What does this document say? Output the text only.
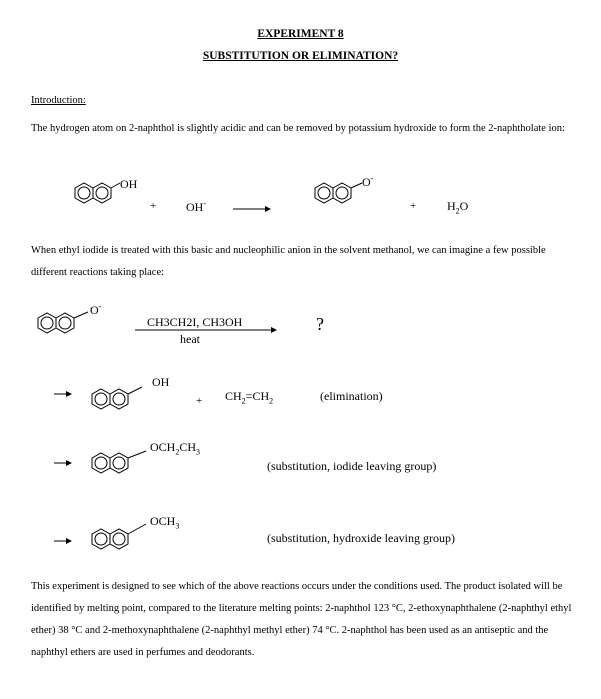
EXPERIMENT 8
SUBSTITUTION OR ELIMINATION?
Introduction:
The hydrogen atom on 2-naphthol is slightly acidic and can be removed by potassium hydroxide to form the 2-naphtholate ion:
OH
+ OH-
O-
+	$H_2O$
When ethyl iodide is treated with this basic and nucleophilic anion in the solvent methanol, we can imagine a few possible different reactions taking place:
O-
CH3CH2I, CH3OH
heat
?
OH
+ $CH_2=CH_2$	(elimination)
$OCH_2CH_3$
(substitution, iodide leaving group)
$OCH_3$
(substitution, hydroxide leaving group)
This experiment is designed to see which of the above reactions occurs under the conditions used. The product isolated will be identified by melting point, compared to the literature melting points: 2-naphthol 123 °C, 2-ethoxynaphthalene (2-naphthyl ethyl ether) 38 °C and 2-methoxynaphthalene (2-naphthyl methyl ether) 74 °C. 2-naphthol has been used as an antiseptic and the naphthyl ethers are used in perfumes and deodorants.
